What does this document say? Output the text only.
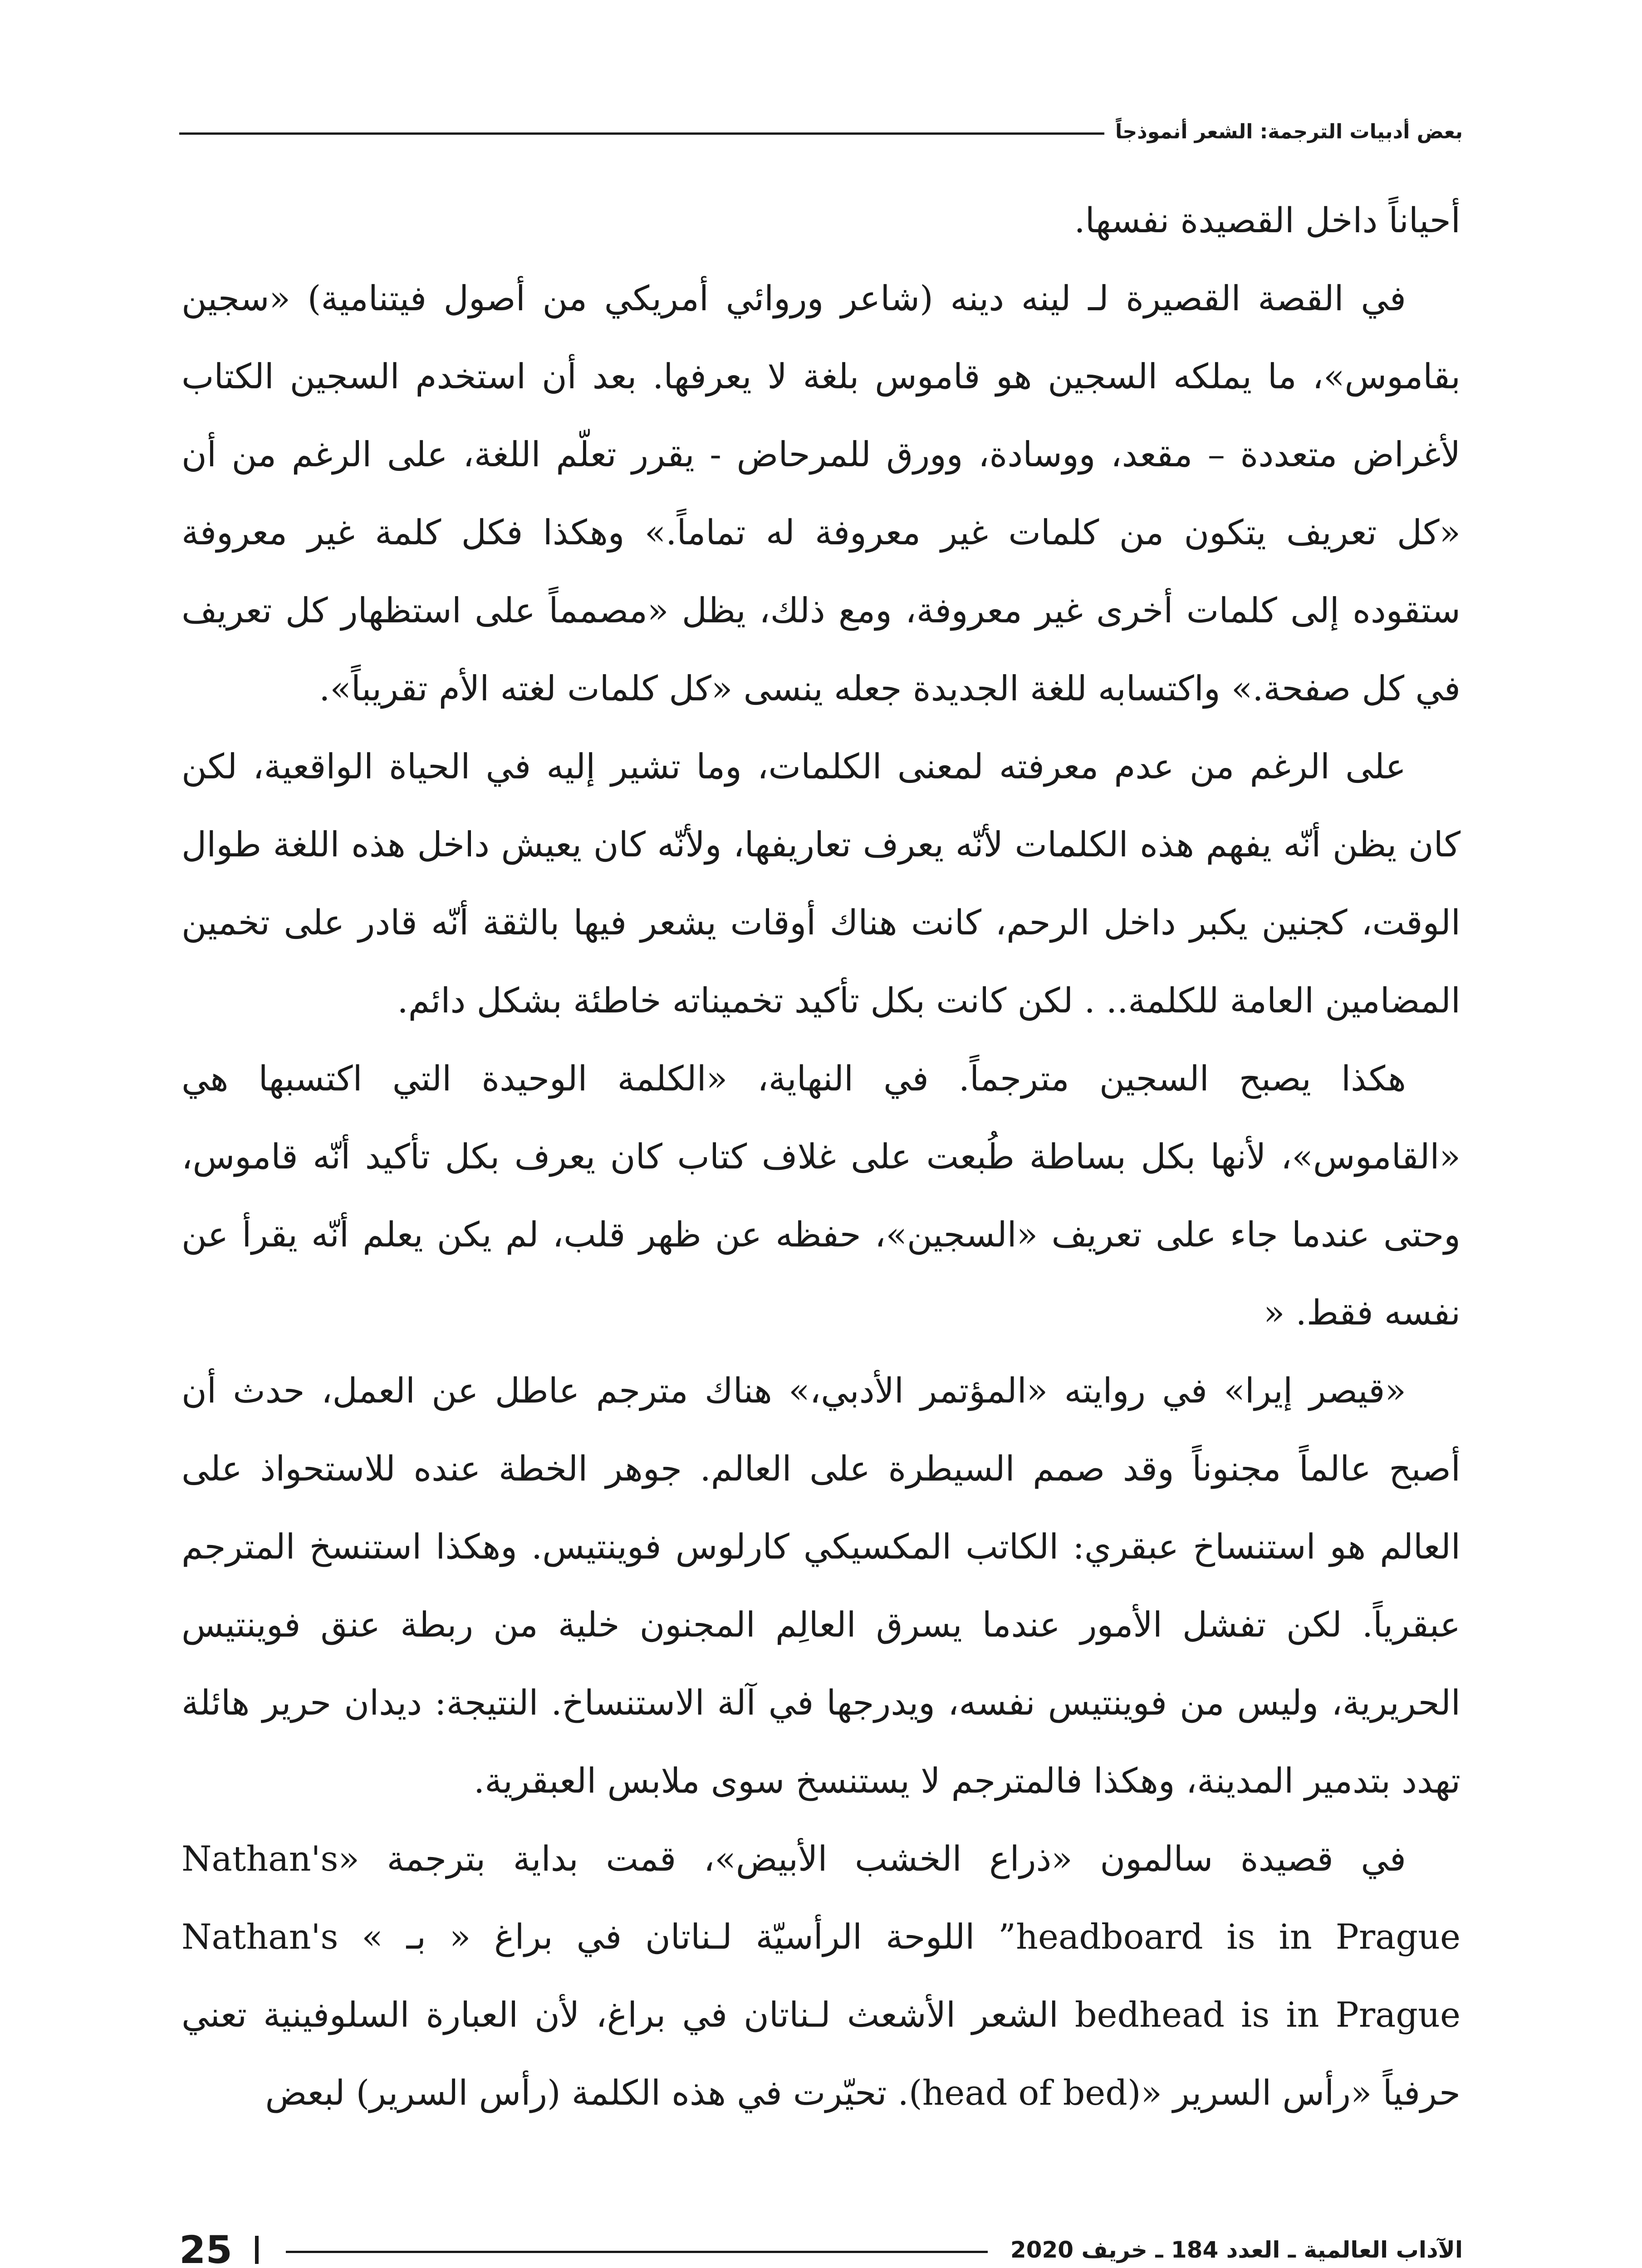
بعض أدبيات الترجمة: الشعر أنموذجاً

أحياناً داخل القصيدة نفسها.

في القصة القصيرة لـ لينه دينه (شاعر وروائي أمريكي من أصول فيتنامية) «سجين بقاموس»، ما يملكه السجين هو قاموس بلغة لا يعرفها. بعد أن استخدم السجين الكتاب لأغراض متعددة – مقعد، ووسادة، وورق للمرحاض - يقرر تعلّم اللغة، على الرغم من أن «كل تعريف يتكون من كلمات غير معروفة له تماماً.» وهكذا فكل كلمة غير معروفة ستقوده إلى كلمات أخرى غير معروفة، ومع ذلك، يظل «مصمماً على استظهار كل تعريف في كل صفحة.» واكتسابه للغة الجديدة جعله ينسى «كل كلمات لغته الأم تقريباً».

على الرغم من عدم معرفته لمعنى الكلمات، وما تشير إليه في الحياة الواقعية، لكن كان يظن أنّه يفهم هذه الكلمات لأنّه يعرف تعاريفها، ولأنّه كان يعيش داخل هذه اللغة طوال الوقت، كجنين يكبر داخل الرحم، كانت هناك أوقات يشعر فيها بالثقة أنّه قادر على تخمين المضامين العامة للكلمة.. . لكن كانت بكل تأكيد تخميناته خاطئة بشكل دائم.

هكذا يصبح السجين مترجماً. في النهاية، «الكلمة الوحيدة التي اكتسبها هي «القاموس»، لأنها بكل بساطة طُبعت على غلاف كتاب كان يعرف بكل تأكيد أنّه قاموس، وحتى عندما جاء على تعريف «السجين»، حفظه عن ظهر قلب، لم يكن يعلم أنّه يقرأ عن نفسه فقط. «

«قيصر إيرا» في روايته «المؤتمر الأدبي،» هناك مترجم عاطل عن العمل، حدث أن أصبح عالماً مجنوناً وقد صمم السيطرة على العالم. جوهر الخطة عنده للاستحواذ على العالم هو استنساخ عبقري: الكاتب المكسيكي كارلوس فوينتيس. وهكذا استنسخ المترجم عبقرياً. لكن تفشل الأمور عندما يسرق العالِم المجنون خلية من ربطة عنق فوينتيس الحريرية، وليس من فوينتيس نفسه، ويدرجها في آلة الاستنساخ. النتيجة: ديدان حرير هائلة تهدد بتدمير المدينة، وهكذا فالمترجم لا يستنسخ سوى ملابس العبقرية.

في قصيدة سالمون «ذراع الخشب الأبيض»، قمت بداية بترجمة «Nathan's headboard is in Prague” اللوحة الرأسيّة لـناتان في براغ « بـ » Nathan's bedhead is in Prague الشعر الأشعث لـناتان في براغ، لأن العبارة السلوفينية تعني حرفياً «رأس السرير «(head of bed). تحيّرت في هذه الكلمة (رأس السرير) لبعض

الآداب العالمية ـ العدد 184 ـ خريف 2020
25
